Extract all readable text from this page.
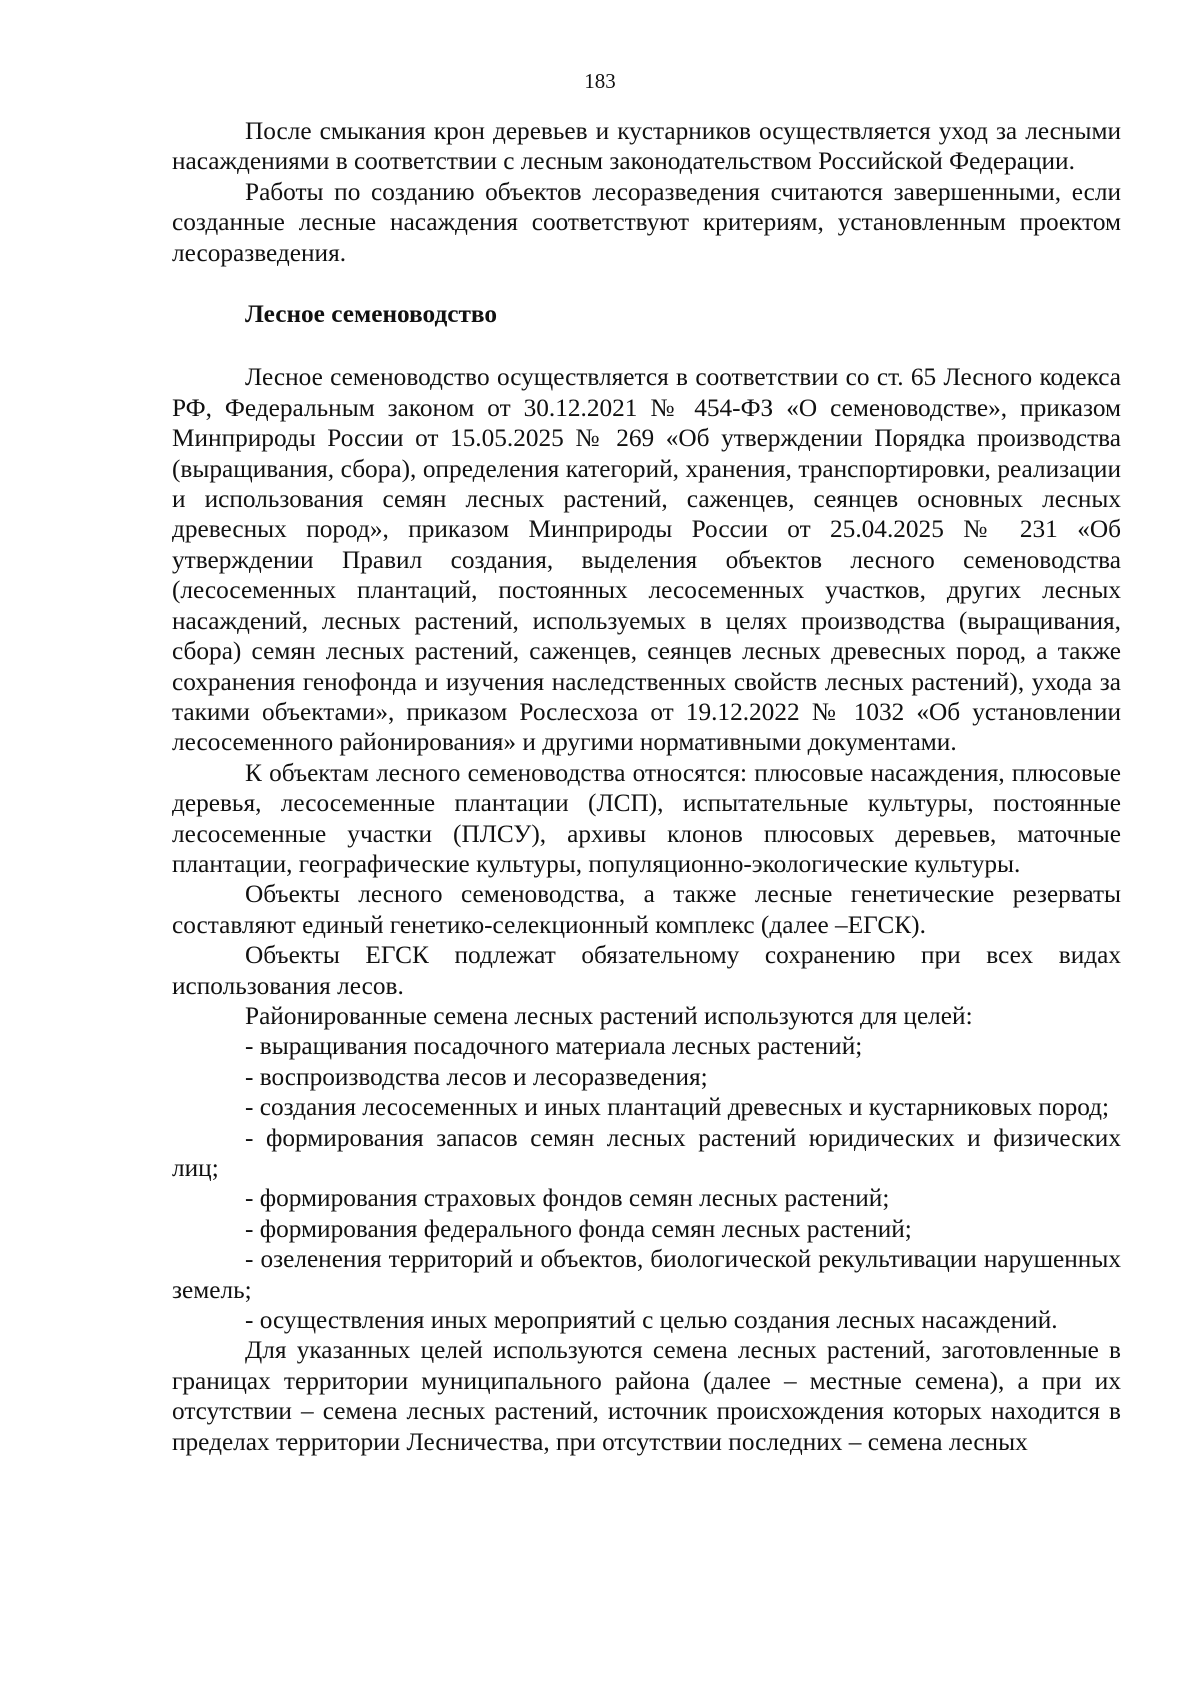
183

После смыкания крон деревьев и кустарников осуществляется уход за лесными насаждениями в соответствии с лесным законодательством Российской Федерации.

Работы по созданию объектов лесоразведения считаются завершенными, если созданные лесные насаждения соответствуют критериям, установленным проектом лесоразведения.

Лесное семеноводство

Лесное семеноводство осуществляется в соответствии со ст. 65 Лесного кодекса РФ, Федеральным законом от 30.12.2021 № 454-ФЗ «О семеноводстве», приказом Минприроды России от 15.05.2025 № 269 «Об утверждении Порядка производства (выращивания, сбора), определения категорий, хранения, транспортировки, реализации и использования семян лесных растений, саженцев, сеянцев основных лесных древесных пород», приказом Минприроды России от 25.04.2025 № 231 «Об утверждении Правил создания, выделения объектов лесного семеноводства (лесосеменных плантаций, постоянных лесосеменных участков, других лесных насаждений, лесных растений, используемых в целях производства (выращивания, сбора) семян лесных растений, саженцев, сеянцев лесных древесных пород, а также сохранения генофонда и изучения наследственных свойств лесных растений), ухода за такими объектами», приказом Рослесхоза от 19.12.2022 № 1032 «Об установлении лесосеменного районирования» и другими нормативными документами.

К объектам лесного семеноводства относятся: плюсовые насаждения, плюсовые деревья, лесосеменные плантации (ЛСП), испытательные культуры, постоянные лесосеменные участки (ПЛСУ), архивы клонов плюсовых деревьев, маточные плантации, географические культуры, популяционно-экологические культуры.

Объекты лесного семеноводства, а также лесные генетические резерваты составляют единый генетико-селекционный комплекс (далее –ЕГСК).

Объекты ЕГСК подлежат обязательному сохранению при всех видах использования лесов.

Районированные семена лесных растений используются для целей:

- выращивания посадочного материала лесных растений;

- воспроизводства лесов и лесоразведения;

- создания лесосеменных и иных плантаций древесных и кустарниковых пород;

- формирования запасов семян лесных растений юридических и физических лиц;

- формирования страховых фондов семян лесных растений;

- формирования федерального фонда семян лесных растений;

- озеленения территорий и объектов, биологической рекультивации нарушенных земель;

- осуществления иных мероприятий с целью создания лесных насаждений.

Для указанных целей используются семена лесных растений, заготовленные в границах территории муниципального района (далее – местные семена), а при их отсутствии – семена лесных растений, источник происхождения которых находится в пределах территории Лесничества, при отсутствии последних – семена лесных
